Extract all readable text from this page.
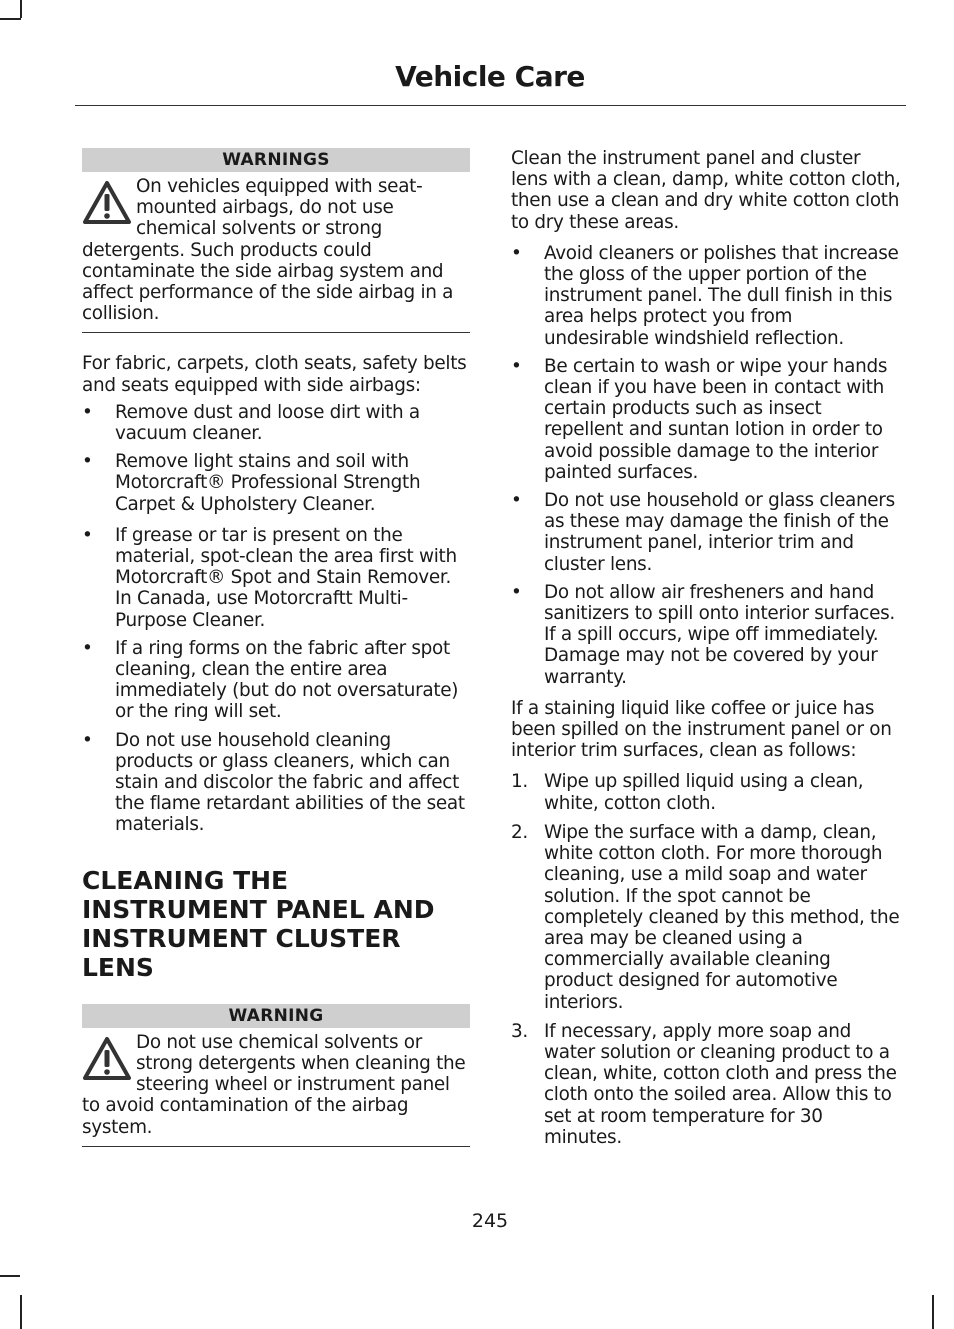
Vehicle Care
WARNINGS

On vehicles equipped with seat-mounted airbags, do not use chemical solvents or strong detergents. Such products could contaminate the side airbag system and affect performance of the side airbag in a collision.

For fabric, carpets, cloth seats, safety belts and seats equipped with side airbags:

• Remove dust and loose dirt with a vacuum cleaner.
• Remove light stains and soil with Motorcraft® Professional Strength Carpet & Upholstery Cleaner.
• If grease or tar is present on the material, spot-clean the area first with Motorcraft® Spot and Stain Remover. In Canada, use Motorcraftt Multi-Purpose Cleaner.
• If a ring forms on the fabric after spot cleaning, clean the entire area immediately (but do not oversaturate) or the ring will set.
• Do not use household cleaning products or glass cleaners, which can stain and discolor the fabric and affect the flame retardant abilities of the seat materials.
CLEANING THE INSTRUMENT PANEL AND INSTRUMENT CLUSTER LENS
WARNING

Do not use chemical solvents or strong detergents when cleaning the steering wheel or instrument panel to avoid contamination of the airbag system.

Clean the instrument panel and cluster lens with a clean, damp, white cotton cloth, then use a clean and dry white cotton cloth to dry these areas.

• Avoid cleaners or polishes that increase the gloss of the upper portion of the instrument panel. The dull finish in this area helps protect you from undesirable windshield reflection.
• Be certain to wash or wipe your hands clean if you have been in contact with certain products such as insect repellent and suntan lotion in order to avoid possible damage to the interior painted surfaces.
• Do not use household or glass cleaners as these may damage the finish of the instrument panel, interior trim and cluster lens.
• Do not allow air fresheners and hand sanitizers to spill onto interior surfaces. If a spill occurs, wipe off immediately. Damage may not be covered by your warranty.

If a staining liquid like coffee or juice has been spilled on the instrument panel or on interior trim surfaces, clean as follows:

1. Wipe up spilled liquid using a clean, white, cotton cloth.
2. Wipe the surface with a damp, clean, white cotton cloth. For more thorough cleaning, use a mild soap and water solution. If the spot cannot be completely cleaned by this method, the area may be cleaned using a commercially available cleaning product designed for automotive interiors.
3. If necessary, apply more soap and water solution or cleaning product to a clean, white, cotton cloth and press the cloth onto the soiled area. Allow this to set at room temperature for 30 minutes.
245
